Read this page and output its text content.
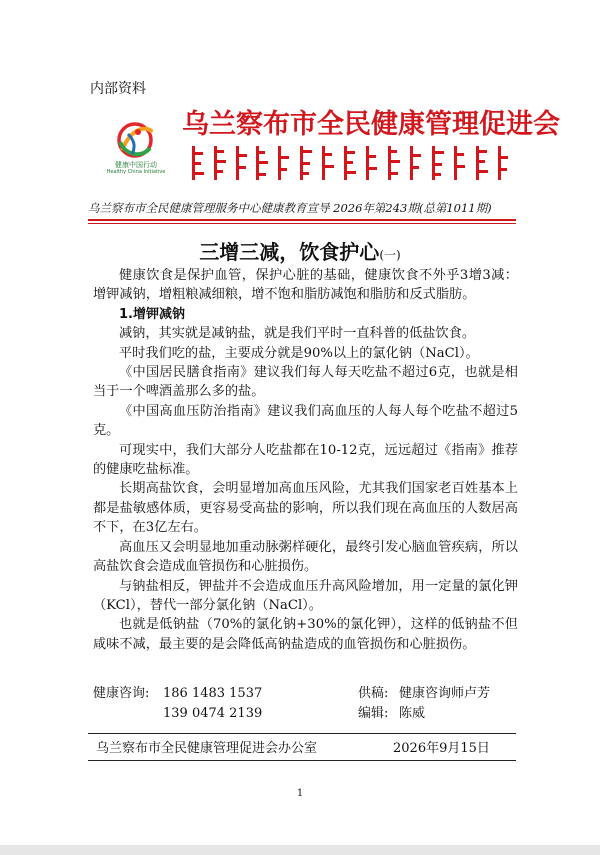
内部资料
健康中国行动
Healthy China Initiative
乌兰察布市全民健康管理促进会
乌兰察布市全民健康管理服务中心健康教育宣导 2026年第243期(总第1011期)
三增三减，饮食护心(一)

健康饮食是保护血管，保护心脏的基础，健康饮食不外乎3增3减：增钾减钠，增粗粮减细粮，增不饱和脂肪减饱和脂肪和反式脂肪。

1.增钾减钠

减钠，其实就是减钠盐，就是我们平时一直科普的低盐饮食。

平时我们吃的盐，主要成分就是90%以上的氯化钠（NaCl）。

《中国居民膳食指南》建议我们每人每天吃盐不超过6克，也就是相当于一个啤酒盖那么多的盐。

《中国高血压防治指南》建议我们高血压的人每人每个吃盐不超过5克。

可现实中，我们大部分人吃盐都在10-12克，远远超过《指南》推荐的健康吃盐标准。

长期高盐饮食，会明显增加高血压风险，尤其我们国家老百姓基本上都是盐敏感体质，更容易受高盐的影响，所以我们现在高血压的人数居高不下，在3亿左右。

高血压又会明显地加重动脉粥样硬化，最终引发心脑血管疾病，所以高盐饮食会造成血管损伤和心脏损伤。

与钠盐相反，钾盐并不会造成血压升高风险增加，用一定量的氯化钾（KCl），替代一部分氯化钠（NaCl）。

也就是低钠盐（70%的氯化钠+30%的氯化钾），这样的低钠盐不但咸味不减，最主要的是会降低高钠盐造成的血管损伤和心脏损伤。

健康咨询: 186 1483 1537	供稿: 健康咨询师卢芳
139 0474 2139	编辑: 陈威
乌兰察布市全民健康管理促进会办公室	2026年9月15日
1
